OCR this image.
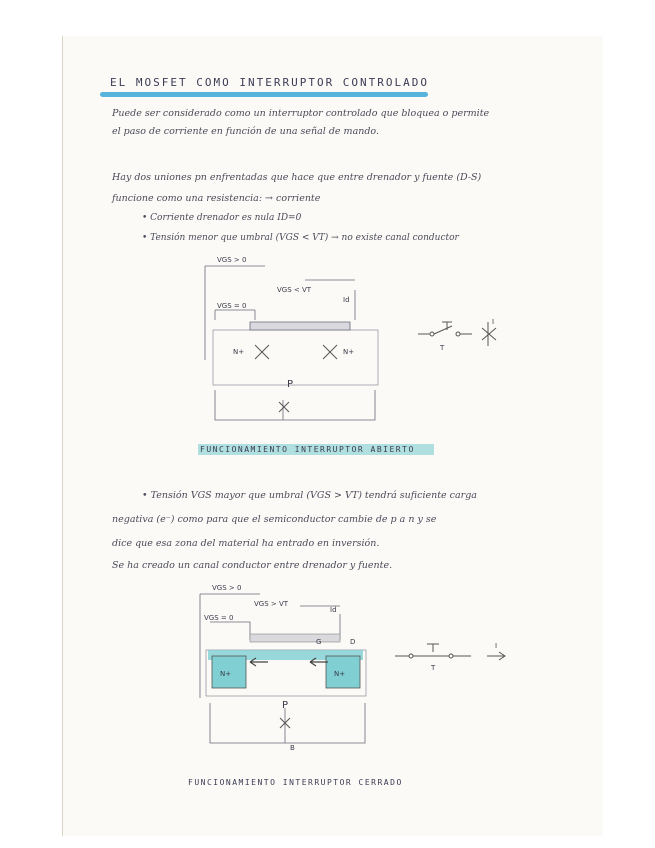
EL MOSFET COMO INTERRUPTOR CONTROLADO
Puede ser considerado como un interruptor controlado que bloquea o permite
el paso de corriente en función de una señal de mando.
Hay dos uniones pn enfrentadas que hace que entre drenador y fuente (D-S)
funcione como una resistencia: → corriente
• Corriente drenador es nula ID=0
• Tensión menor que umbral (VGS < VT) → no existe canal conductor
VGS > 0
VGS < VT
VGS = 0
Id
N+	N+
P
T
I
FUNCIONAMIENTO INTERRUPTOR ABIERTO
• Tensión VGS mayor que umbral (VGS > VT) tendrá suficiente carga
negativa (e⁻) como para que el semiconductor cambie de p a n y se
dice que esa zona del material ha entrado en inversión.
Se ha creado un canal conductor entre drenador y fuente.
VGS > 0
VGS > VT
VGS = 0
Id
G	D
N+	N+
P
B
T
I
FUNCIONAMIENTO INTERRUPTOR CERRADO
